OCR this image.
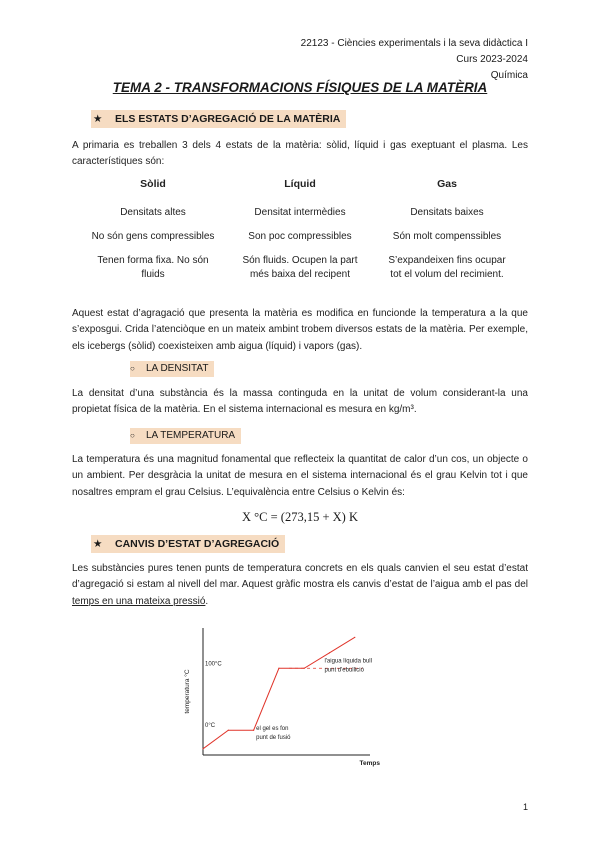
22123 - Ciències experimentals i la seva didàctica I
Curs 2023-2024
Química
TEMA 2 - TRANSFORMACIONS FÍSIQUES DE LA MATÈRIA
★ ELS ESTATS D’AGREGACIÓ DE LA MATÈRIA
A primaria es treballen 3 dels 4 estats de la matèria: sòlid, líquid i gas exeptuant el plasma. Les característiques són:
Sòlid
Densitats altes
No són gens compressibles
Tenen forma fixa. No són fluids
Líquid
Densitat intermèdies
Son poc compressibles
Són fluids. Ocupen la part més baixa del recipent
Gas
Densitats baixes
Són molt compenssibles
S’expandeixen fins ocupar tot el volum del recimient.
Aquest estat d’agragació que presenta la matèria es modifica en funcionde la temperatura a la que s’exposgui. Crida l’atenciòque en un mateix ambint trobem diversos estats de la matèria. Per exemple, els icebergs (sòlid) coexisteixen amb aigua (líquid) i vapors (gas).
○ LA DENSITAT
La densitat d’una substància és la massa continguda en la unitat de volum considerant-la una propietat física de la matèria. En el sistema internacional es mesura en kg/m³.
○ LA TEMPERATURA
La temperatura és una magnitud fonamental que reflecteix la quantitat de calor d’un cos, un objecte o un ambient. Per desgràcia la unitat de mesura en el sistema internacional és el grau Kelvin tot i que nosaltres empram el grau Celsius. L’equivalència entre Celsius o Kelvin és:
X °C = (273,15 + X) K
★ CANVIS D’ESTAT D’AGREGACIÓ
Les substàncies pures tenen punts de temperatura concrets en els quals canvien el seu estat d’estat d’agregació si estam al nivell del mar. Aquest gràfic mostra els canvis d’estat de l’aigua amb el pas del temps en una mateixa pressió.
temperatura °C
Temps
0°C
100°C
el gel es fon
punt de fusió
l'aigua líquida bull
punt d'ebullició
1
